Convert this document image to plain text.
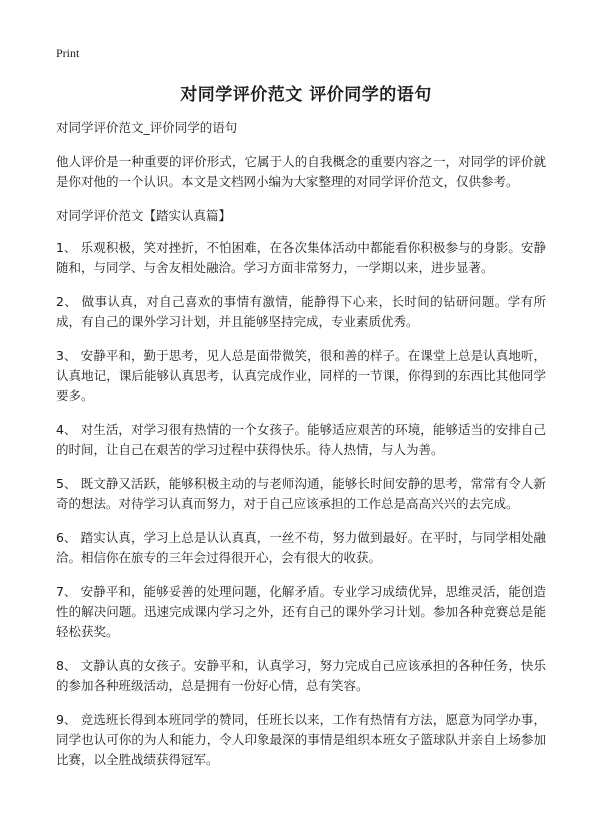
Print
对同学评价范文 评价同学的语句

对同学评价范文_评价同学的语句

他人评价是一种重要的评价形式，它属于人的自我概念的重要内容之一，对同学的评价就是你对他的一个认识。本文是文档网小编为大家整理的对同学评价范文，仅供参考。

对同学评价范文【踏实认真篇】

1、 乐观积极，笑对挫折，不怕困难，在各次集体活动中都能看你积极参与的身影。安静随和，与同学、与舍友相处融洽。学习方面非常努力，一学期以来，进步显著。

2、 做事认真，对自己喜欢的事情有激情，能静得下心来，长时间的钻研问题。学有所成，有自己的课外学习计划，并且能够坚持完成，专业素质优秀。

3、 安静平和，勤于思考，见人总是面带微笑，很和善的样子。在课堂上总是认真地听，认真地记，课后能够认真思考，认真完成作业，同样的一节课，你得到的东西比其他同学要多。

4、 对生活，对学习很有热情的一个女孩子。能够适应艰苦的环境，能够适当的安排自己的时间，让自己在艰苦的学习过程中获得快乐。待人热情，与人为善。

5、 既文静又活跃，能够积极主动的与老师沟通，能够长时间安静的思考，常常有令人新奇的想法。对待学习认真而努力，对于自己应该承担的工作总是高高兴兴的去完成。

6、 踏实认真，学习上总是认认真真，一丝不苟，努力做到最好。在平时，与同学相处融洽。相信你在旅专的三年会过得很开心，会有很大的收获。

7、 安静平和，能够妥善的处理问题，化解矛盾。专业学习成绩优异，思维灵活，能创造性的解决问题。迅速完成课内学习之外，还有自己的课外学习计划。参加各种竞赛总是能轻松获奖。

8、 文静认真的女孩子。安静平和，认真学习，努力完成自己应该承担的各种任务，快乐的参加各种班级活动，总是拥有一份好心情，总有笑容。

9、 竞选班长得到本班同学的赞同，任班长以来，工作有热情有方法，愿意为同学办事，同学也认可你的为人和能力，令人印象最深的事情是组织本班女子篮球队并亲自上场参加比赛，以全胜战绩获得冠军。
